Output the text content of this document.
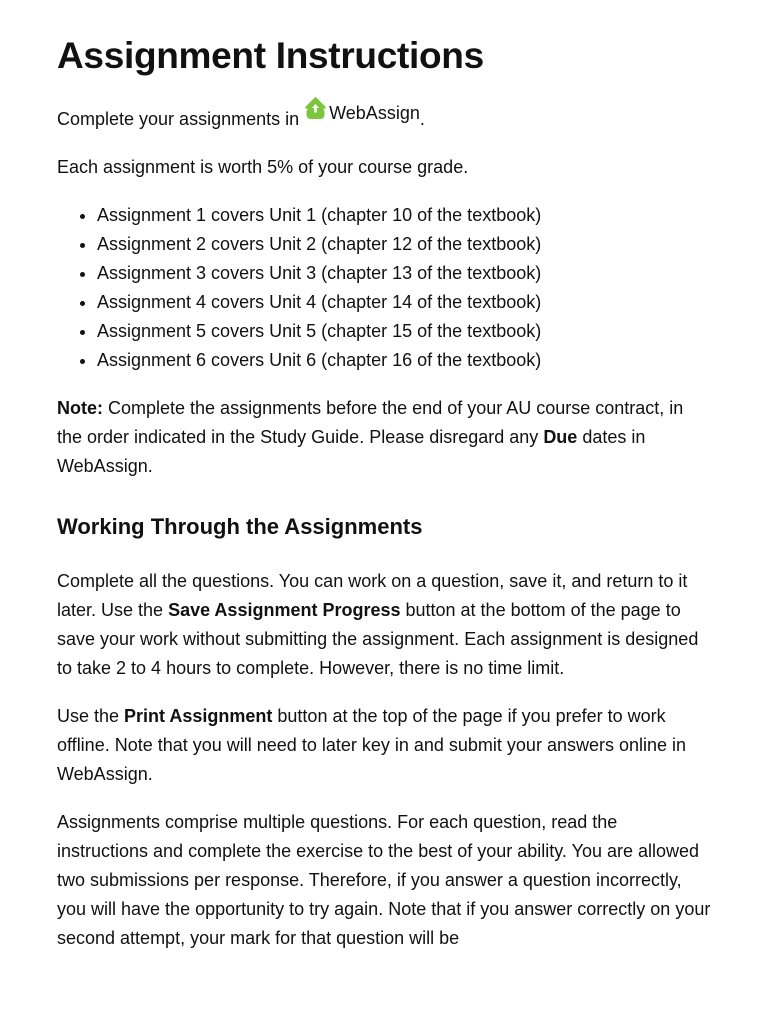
Assignment Instructions

Complete your assignments in WebAssign .

Each assignment is worth 5% of your course grade.

• Assignment 1 covers Unit 1 (chapter 10 of the textbook)
• Assignment 2 covers Unit 2 (chapter 12 of the textbook)
• Assignment 3 covers Unit 3 (chapter 13 of the textbook)
• Assignment 4 covers Unit 4 (chapter 14 of the textbook)
• Assignment 5 covers Unit 5 (chapter 15 of the textbook)
• Assignment 6 covers Unit 6 (chapter 16 of the textbook)

Note: Complete the assignments before the end of your AU course contract, in the order indicated in the Study Guide. Please disregard any Due dates in WebAssign.

Working Through the Assignments

Complete all the questions. You can work on a question, save it, and return to it later. Use the Save Assignment Progress button at the bottom of the page to save your work without submitting the assignment. Each assignment is designed to take 2 to 4 hours to complete. However, there is no time limit.

Use the Print Assignment button at the top of the page if you prefer to work offline. Note that you will need to later key in and submit your answers online in WebAssign.

Assignments comprise multiple questions. For each question, read the instructions and complete the exercise to the best of your ability. You are allowed two submissions per response. Therefore, if you answer a question incorrectly, you will have the opportunity to try again. Note that if you answer correctly on your second attempt, your mark for that question will be
